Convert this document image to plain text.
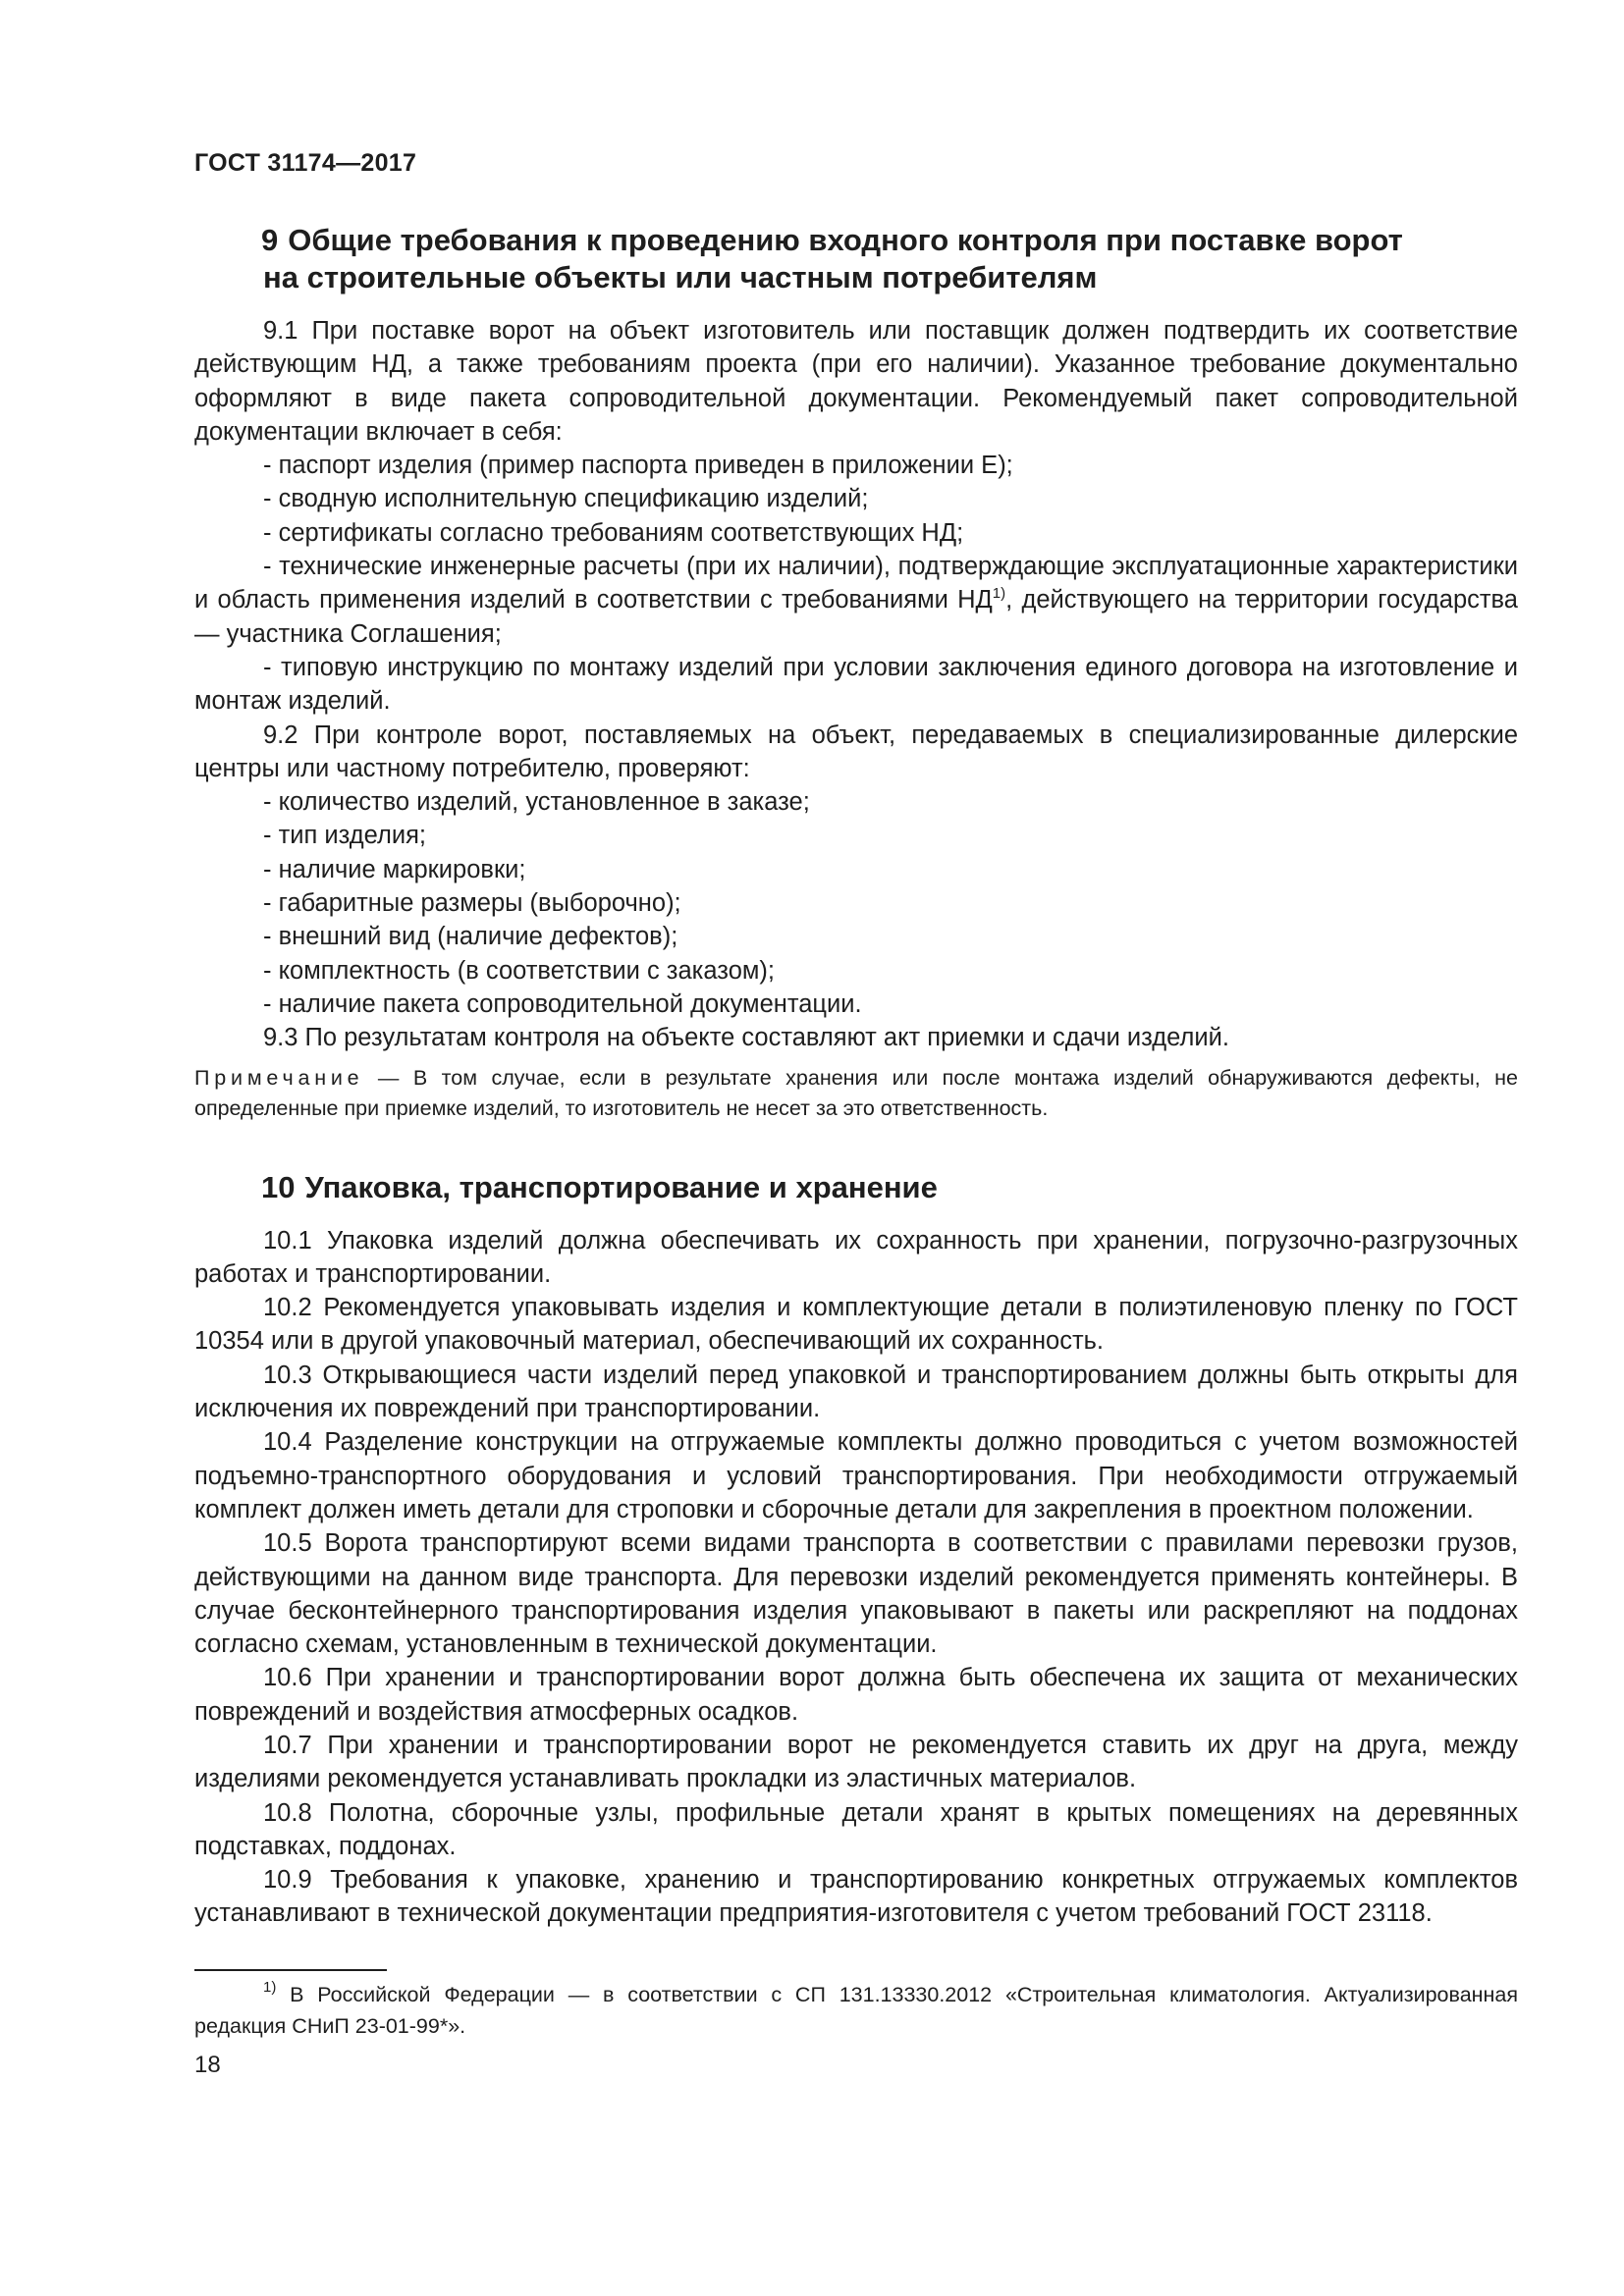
ГОСТ 31174—2017
9 Общие требования к проведению входного контроля при поставке ворот
на строительные объекты или частным потребителям

9.1 При поставке ворот на объект изготовитель или поставщик должен подтвердить их соответствие действующим НД, а также требованиям проекта (при его наличии). Указанное требование документально оформляют в виде пакета сопроводительной документации. Рекомендуемый пакет сопроводительной документации включает в себя:

- паспорт изделия (пример паспорта приведен в приложении Е);

- сводную исполнительную спецификацию изделий;

- сертификаты согласно требованиям соответствующих НД;

- технические инженерные расчеты (при их наличии), подтверждающие эксплуатационные характеристики и область применения изделий в соответствии с требованиями НД$^{1)}$, действующего на территории государства — участника Соглашения;

- типовую инструкцию по монтажу изделий при условии заключения единого договора на изготовление и монтаж изделий.

9.2 При контроле ворот, поставляемых на объект, передаваемых в специализированные дилерские центры или частному потребителю, проверяют:

- количество изделий, установленное в заказе;

- тип изделия;

- наличие маркировки;

- габаритные размеры (выборочно);

- внешний вид (наличие дефектов);

- комплектность (в соответствии с заказом);

- наличие пакета сопроводительной документации.

9.3 По результатам контроля на объекте составляют акт приемки и сдачи изделий.

Примечание — В том случае, если в результате хранения или после монтажа изделий обнаруживаются дефекты, не определенные при приемке изделий, то изготовитель не несет за это ответственность.

10 Упаковка, транспортирование и хранение

10.1 Упаковка изделий должна обеспечивать их сохранность при хранении, погрузочно-разгрузочных работах и транспортировании.

10.2 Рекомендуется упаковывать изделия и комплектующие детали в полиэтиленовую пленку по ГОСТ 10354 или в другой упаковочный материал, обеспечивающий их сохранность.

10.3 Открывающиеся части изделий перед упаковкой и транспортированием должны быть открыты для исключения их повреждений при транспортировании.

10.4 Разделение конструкции на отгружаемые комплекты должно проводиться с учетом возможностей подъемно-транспортного оборудования и условий транспортирования. При необходимости отгружаемый комплект должен иметь детали для строповки и сборочные детали для закрепления в проектном положении.

10.5 Ворота транспортируют всеми видами транспорта в соответствии с правилами перевозки грузов, действующими на данном виде транспорта. Для перевозки изделий рекомендуется применять контейнеры. В случае бесконтейнерного транспортирования изделия упаковывают в пакеты или раскрепляют на поддонах согласно схемам, установленным в технической документации.

10.6 При хранении и транспортировании ворот должна быть обеспечена их защита от механических повреждений и воздействия атмосферных осадков.

10.7 При хранении и транспортировании ворот не рекомендуется ставить их друг на друга, между изделиями рекомендуется устанавливать прокладки из эластичных материалов.

10.8 Полотна, сборочные узлы, профильные детали хранят в крытых помещениях на деревянных подставках, поддонах.

10.9 Требования к упаковке, хранению и транспортированию конкретных отгружаемых комплектов устанавливают в технической документации предприятия-изготовителя с учетом требований ГОСТ 23118.

$^{1)}$ В Российской Федерации — в соответствии с СП 131.13330.2012 «Строительная климатология. Актуализированная редакция СНиП 23-01-99*».

18
